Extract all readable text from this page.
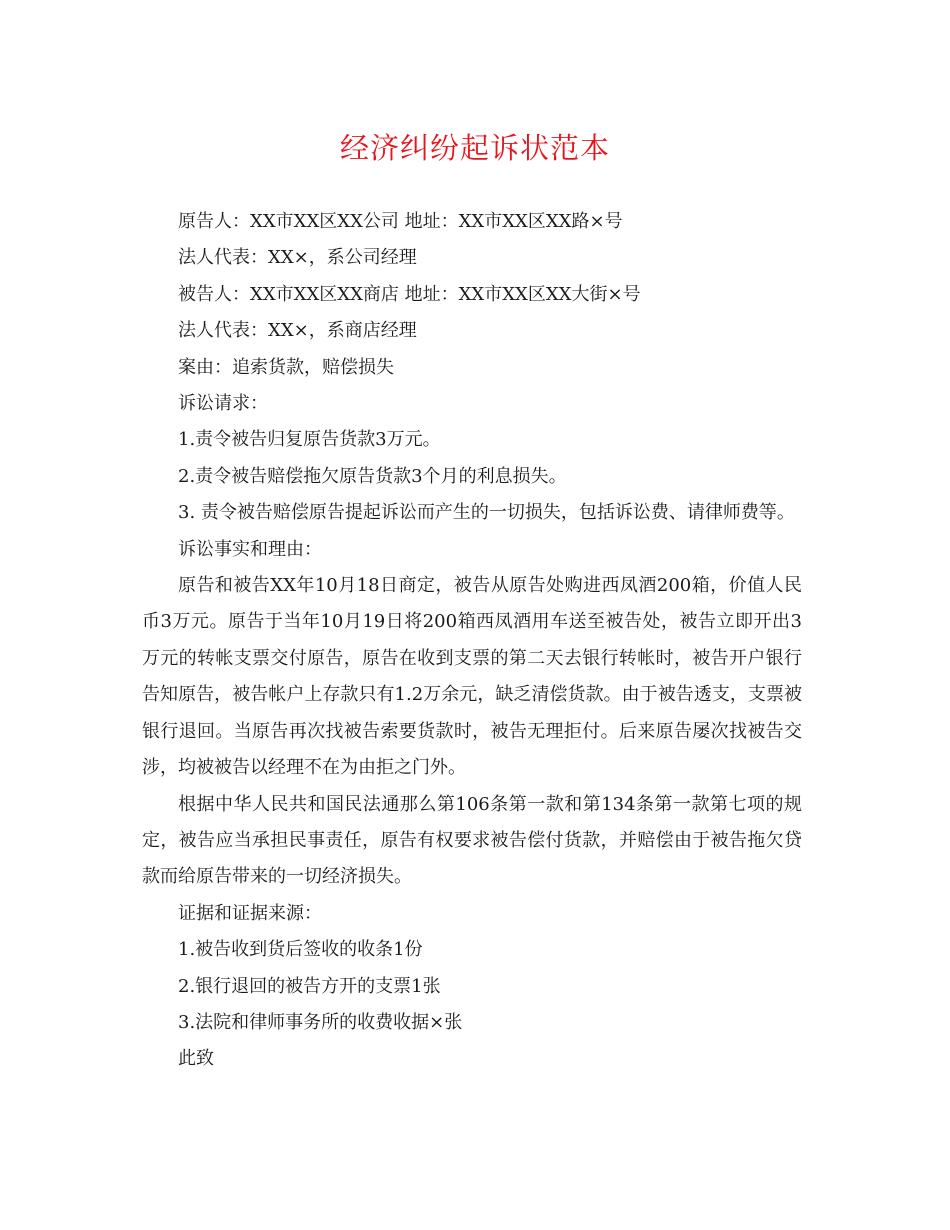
经济纠纷起诉状范本

原告人：XX市XX区XX公司 地址：XX市XX区XX路×号

法人代表：XX×，系公司经理

被告人：XX市XX区XX商店 地址：XX市XX区XX大街×号

法人代表：XX×，系商店经理

案由：追索货款，赔偿损失

诉讼请求：

1.责令被告归复原告货款3万元。

2.责令被告赔偿拖欠原告货款3个月的利息损失。

3. 责令被告赔偿原告提起诉讼而产生的一切损失，包括诉讼费、请律师费等。

诉讼事实和理由：

原告和被告XX年10月18日商定，被告从原告处购进西凤酒200箱，价值人民币3万元。原告于当年10月19日将200箱西凤酒用车送至被告处，被告立即开出3万元的转帐支票交付原告，原告在收到支票的第二天去银行转帐时，被告开户银行告知原告，被告帐户上存款只有1.2万余元，缺乏清偿货款。由于被告透支，支票被银行退回。当原告再次找被告索要货款时，被告无理拒付。后来原告屡次找被告交涉，均被被告以经理不在为由拒之门外。

根据中华人民共和国民法通那么第106条第一款和第134条第一款第七项的规定，被告应当承担民事责任，原告有权要求被告偿付货款，并赔偿由于被告拖欠贷款而给原告带来的一切经济损失。

证据和证据来源：

1.被告收到货后签收的收条1份

2.银行退回的被告方开的支票1张

3.法院和律师事务所的收费收据×张

此致
